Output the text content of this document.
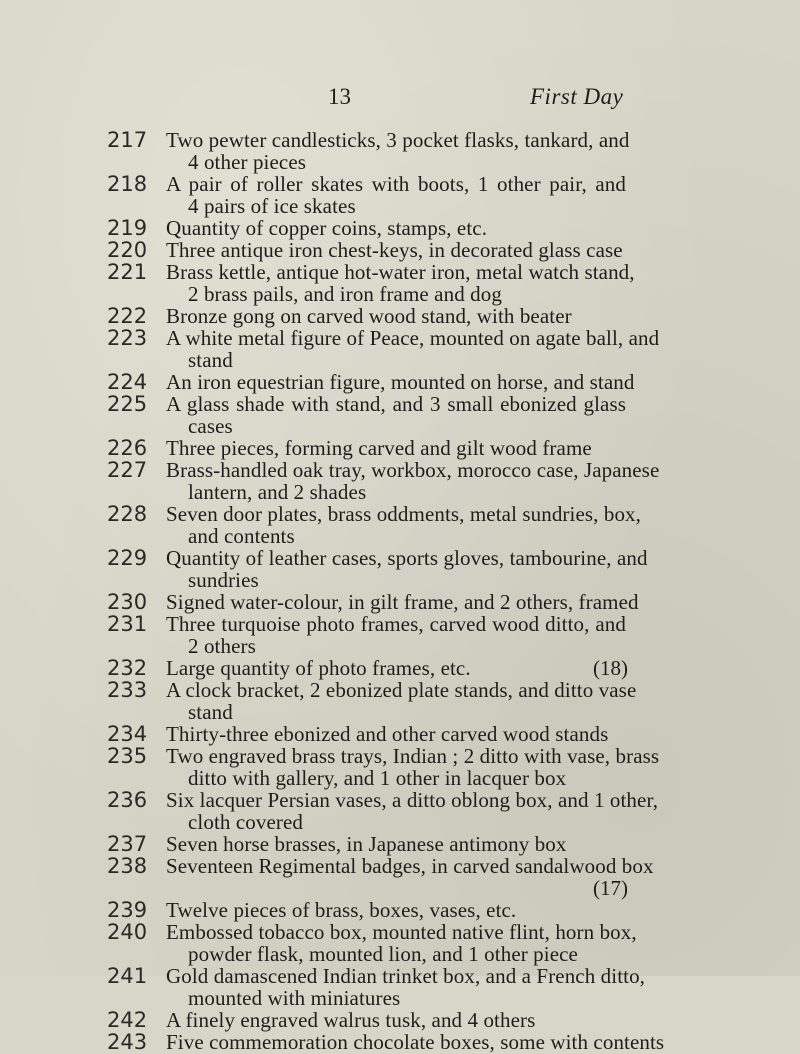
13	First Day
217 Two pewter candlesticks, 3 pocket flasks, tankard, and
4 other pieces
218 A pair of roller skates with boots, 1 other pair, and
4 pairs of ice skates
219 Quantity of copper coins, stamps, etc.
220 Three antique iron chest-keys, in decorated glass case
221 Brass kettle, antique hot-water iron, metal watch stand,
2 brass pails, and iron frame and dog
222 Bronze gong on carved wood stand, with beater
223 A white metal figure of Peace, mounted on agate ball, and
stand
224 An iron equestrian figure, mounted on horse, and stand
225 A glass shade with stand, and 3 small ebonized glass
cases
226 Three pieces, forming carved and gilt wood frame
227 Brass-handled oak tray, workbox, morocco case, Japanese
lantern, and 2 shades
228 Seven door plates, brass oddments, metal sundries, box,
and contents
229 Quantity of leather cases, sports gloves, tambourine, and
sundries
230 Signed water-colour, in gilt frame, and 2 others, framed
231 Three turquoise photo frames, carved wood ditto, and
2 others
232 Large quantity of photo frames, etc.	(18)
233 A clock bracket, 2 ebonized plate stands, and ditto vase
stand
234 Thirty-three ebonized and other carved wood stands
235 Two engraved brass trays, Indian ; 2 ditto with vase, brass
ditto with gallery, and 1 other in lacquer box
236 Six lacquer Persian vases, a ditto oblong box, and 1 other,
cloth covered
237 Seven horse brasses, in Japanese antimony box
238 Seventeen Regimental badges, in carved sandalwood box

(17)
239 Twelve pieces of brass, boxes, vases, etc.
240 Embossed tobacco box, mounted native flint, horn box,
powder flask, mounted lion, and 1 other piece
241 Gold damascened Indian trinket box, and a French ditto,
mounted with miniatures
242 A finely engraved walrus tusk, and 4 others
243 Five commemoration chocolate boxes, some with contents
